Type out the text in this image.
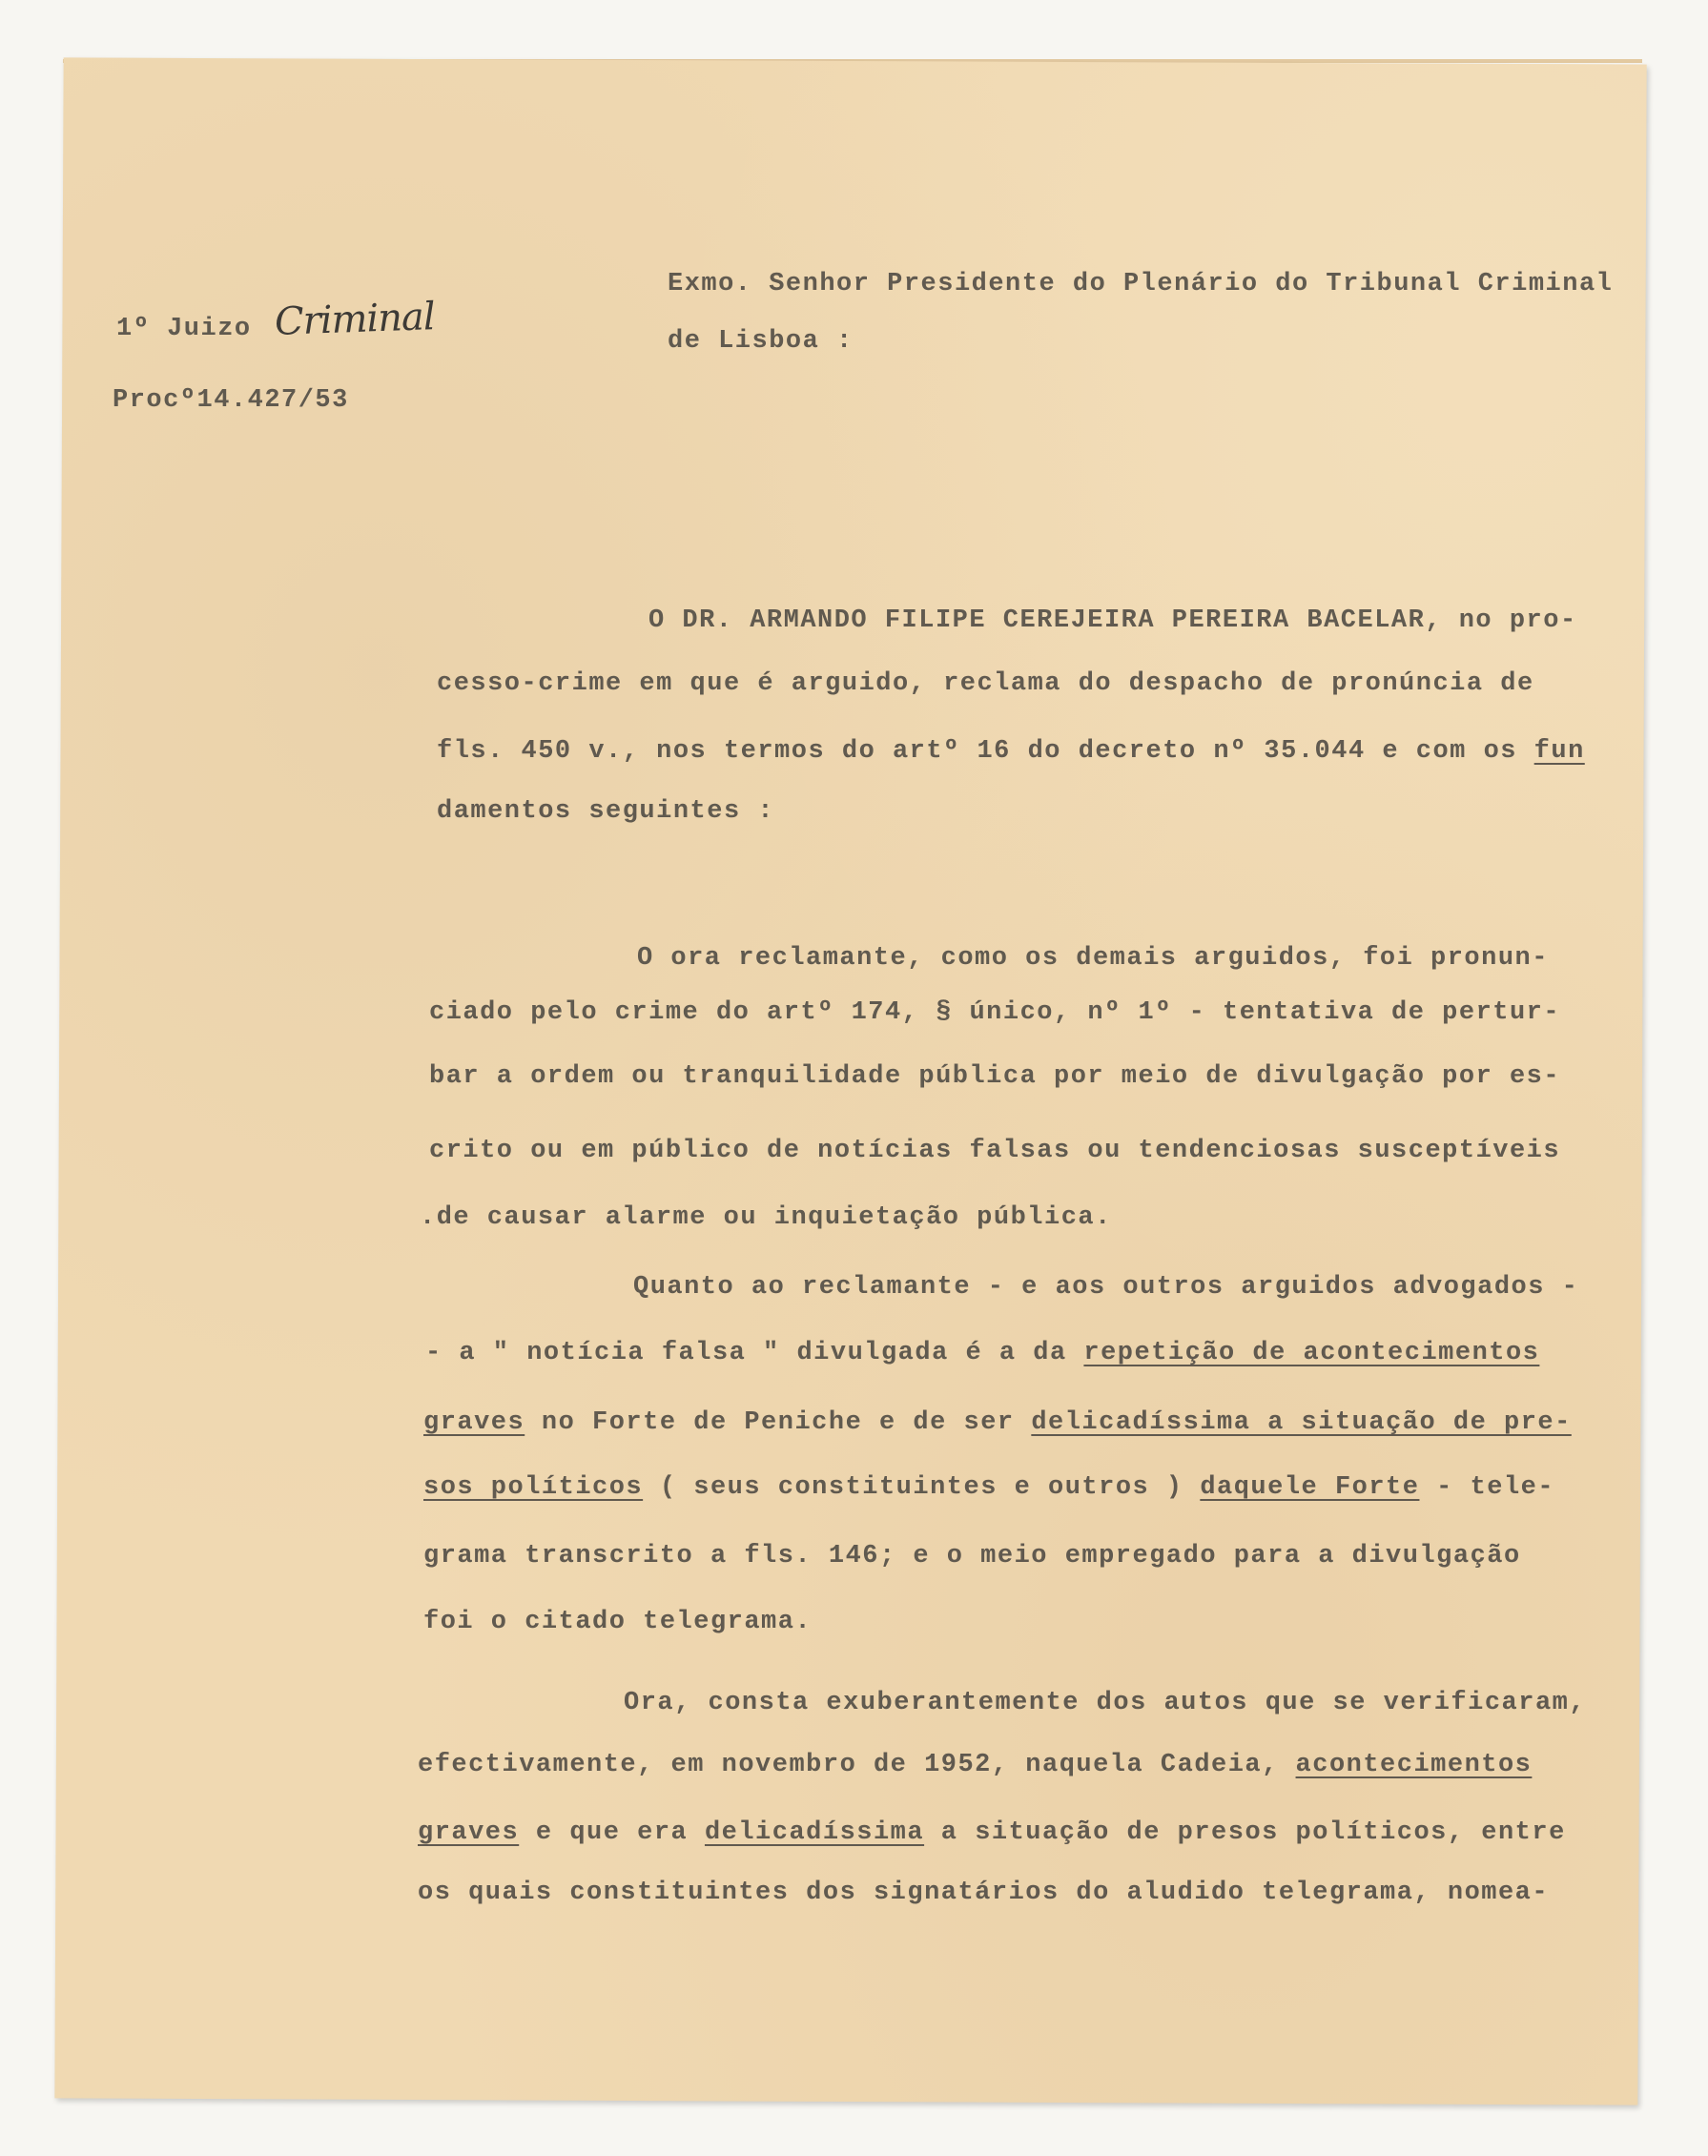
1º Juizo Criminal
Procº14.427/53
Exmo. Senhor Presidente do Plenário do Tribunal Criminal
de Lisboa :
O DR. ARMANDO FILIPE CEREJEIRA PEREIRA BACELAR, no pro-
cesso-crime em que é arguido, reclama do despacho de pronúncia de
fls. 450 v., nos termos do artº 16 do decreto nº 35.044 e com os fun
damentos seguintes :
O ora reclamante, como os demais arguidos, foi pronun-
ciado pelo crime do artº 174, § único, nº 1º - tentativa de pertur-
bar a ordem ou tranquilidade pública por meio de divulgação por es-
crito ou em público de notícias falsas ou tendenciosas susceptíveis
.de causar alarme ou inquietação pública.
Quanto ao reclamante - e aos outros arguidos advogados -
- a " notícia falsa " divulgada é a da repetição de acontecimentos
graves no Forte de Peniche e de ser delicadíssima a situação de pre-
sos políticos ( seus constituintes e outros ) daquele Forte - tele-
grama transcrito a fls. 146; e o meio empregado para a divulgação
foi o citado telegrama.
Ora, consta exuberantemente dos autos que se verificaram,
efectivamente, em novembro de 1952, naquela Cadeia, acontecimentos
graves e que era delicadíssima a situação de presos políticos, entre
os quais constituintes dos signatários do aludido telegrama, nomea-
